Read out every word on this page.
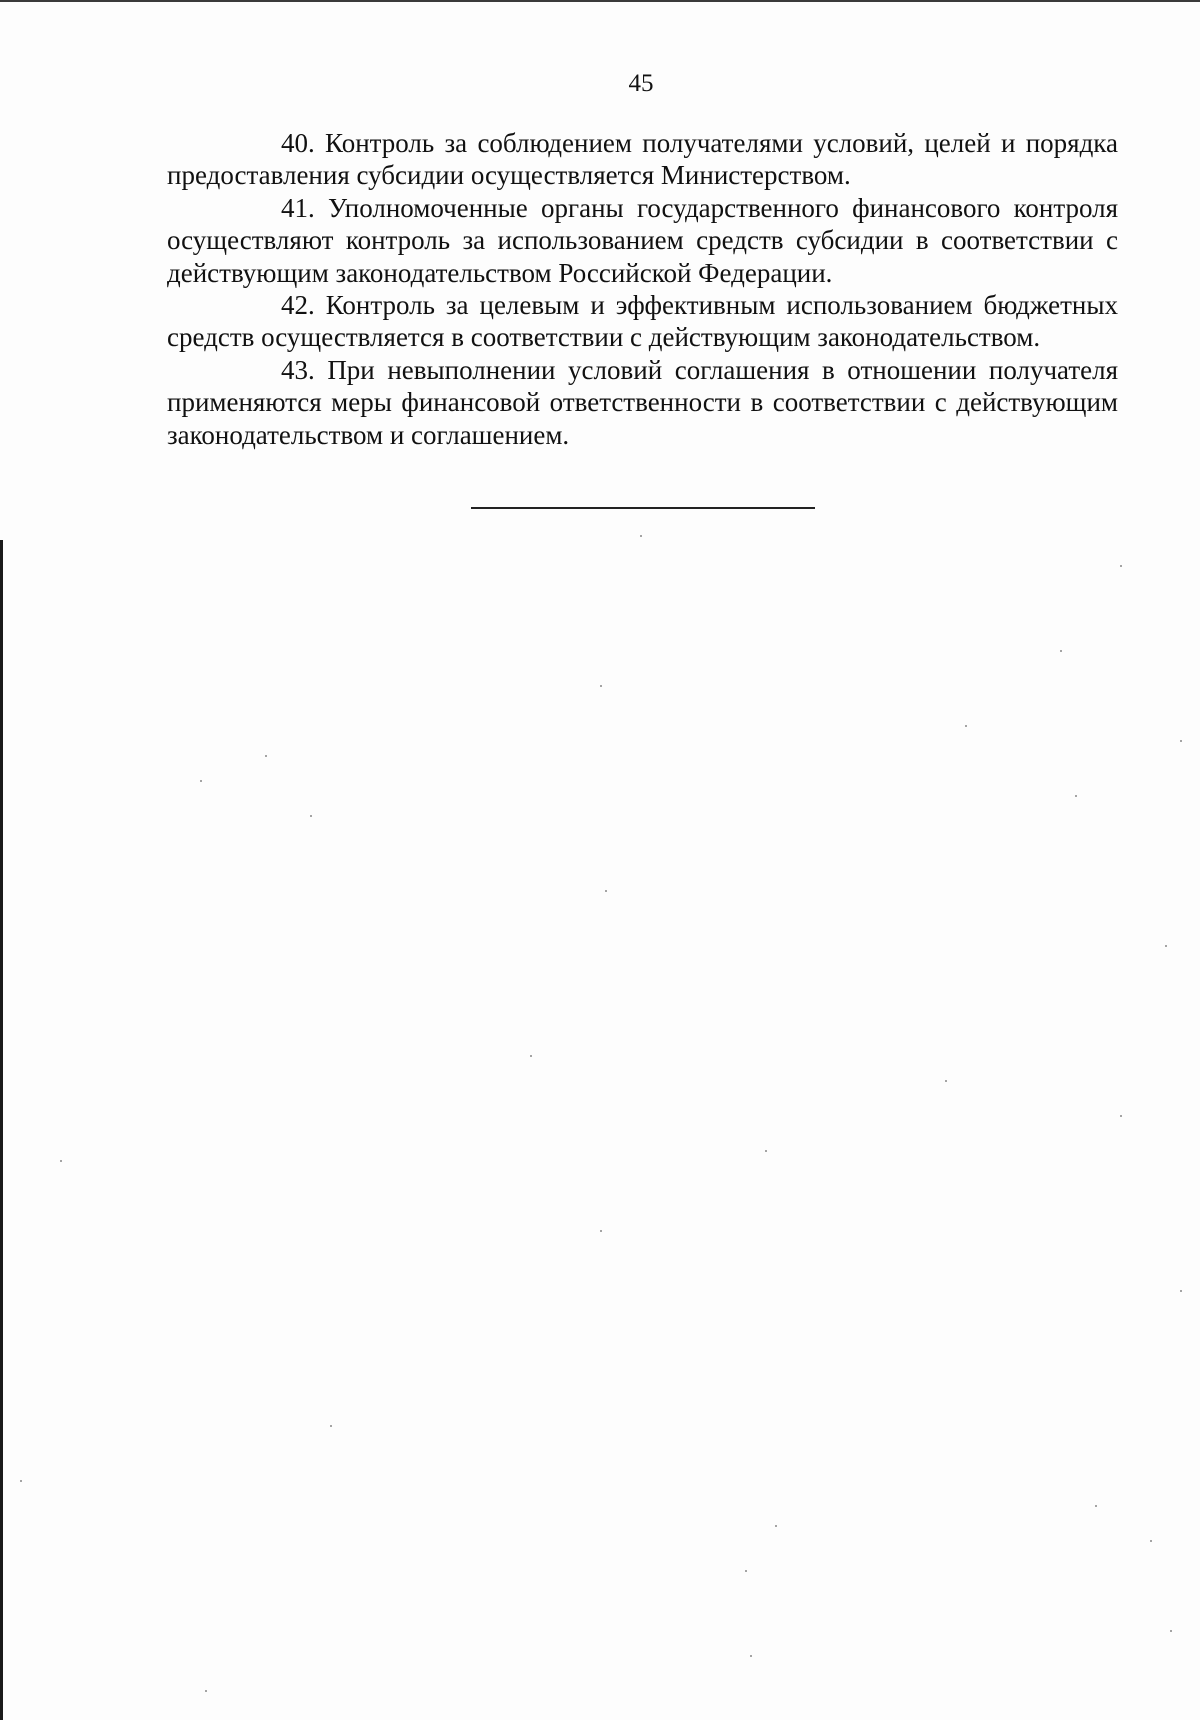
45

40. Контроль за соблюдением получателями условий, целей и порядка предоставления субсидии осуществляется Министерством.

41. Уполномоченные органы государственного финансового контроля осуществляют контроль за использованием средств субсидии в соответствии с действующим законодательством Российской Федерации.

42. Контроль за целевым и эффективным использованием бюджетных средств осуществляется в соответствии с действующим законодательством.

43. При невыполнении условий соглашения в отношении получателя применяются меры финансовой ответственности в соответствии с действующим законодательством и соглашением.
